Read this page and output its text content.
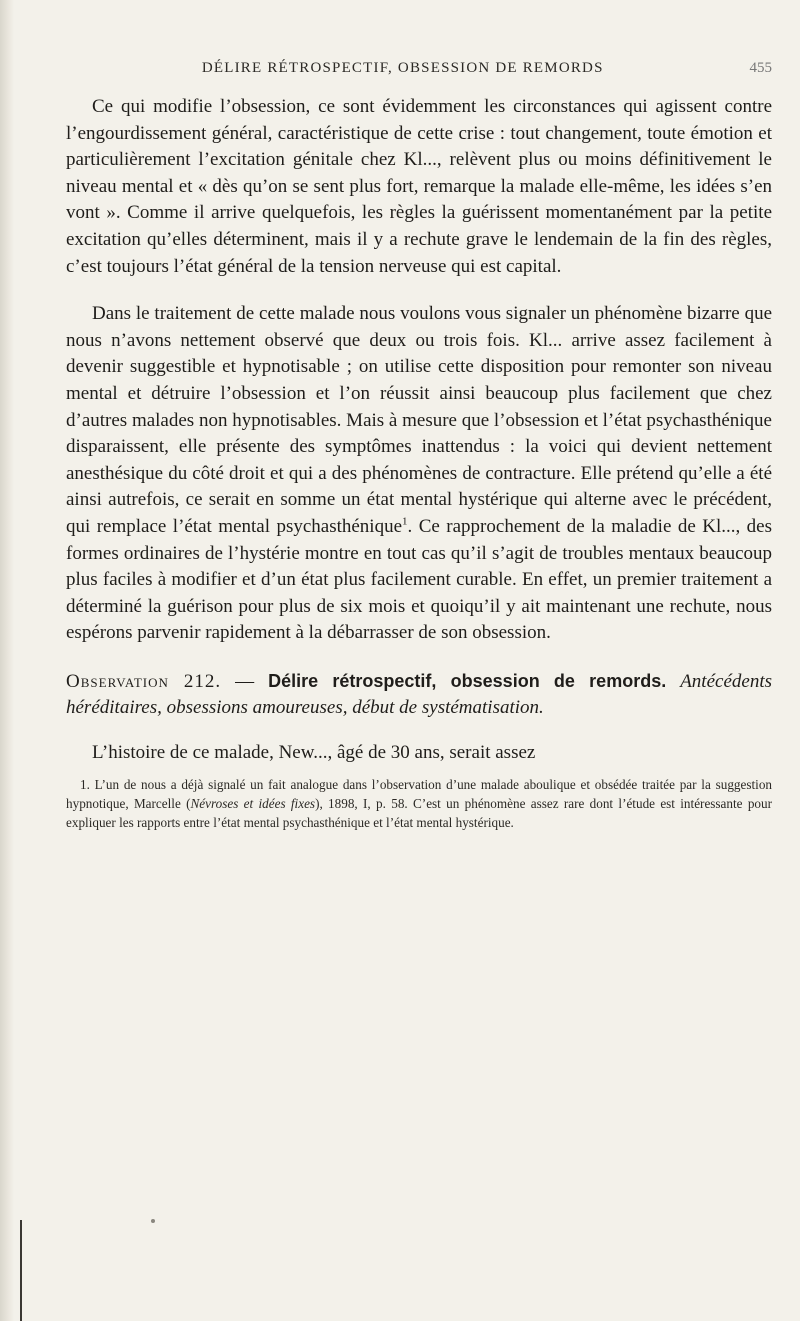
DÉLIRE RÉTROSPECTIF, OBSESSION DE REMORDS	455

Ce qui modifie l’obsession, ce sont évidemment les circonstances qui agissent contre l’engourdissement général, caractéristique de cette crise : tout changement, toute émotion et particulièrement l’excitation génitale chez Kl..., relèvent plus ou moins définitivement le niveau mental et « dès qu’on se sent plus fort, remarque la malade elle-même, les idées s’en vont ». Comme il arrive quelquefois, les règles la guérissent momentanément par la petite excitation qu’elles déterminent, mais il y a rechute grave le lendemain de la fin des règles, c’est toujours l’état général de la tension nerveuse qui est capital.

Dans le traitement de cette malade nous voulons vous signaler un phénomène bizarre que nous n’avons nettement observé que deux ou trois fois. Kl... arrive assez facilement à devenir suggestible et hypnotisable ; on utilise cette disposition pour remonter son niveau mental et détruire l’obsession et l’on réussit ainsi beaucoup plus facilement que chez d’autres malades non hypnotisables. Mais à mesure que l’obsession et l’état psychasthénique disparaissent, elle présente des symptômes inattendus : la voici qui devient nettement anesthésique du côté droit et qui a des phénomènes de contracture. Elle prétend qu’elle a été ainsi autrefois, ce serait en somme un état mental hystérique qui alterne avec le précédent, qui remplace l’état mental psychasthénique$^1$. Ce rapprochement de la maladie de Kl..., des formes ordinaires de l’hystérie montre en tout cas qu’il s’agit de troubles mentaux beaucoup plus faciles à modifier et d’un état plus facilement curable. En effet, un premier traitement a déterminé la guérison pour plus de six mois et quoiqu’il y ait maintenant une rechute, nous espérons parvenir rapidement à la débarrasser de son obsession.

Observation 212. — Délire rétrospectif, obsession de remords. Antécédents héréditaires, obsessions amoureuses, début de systématisation.

L’histoire de ce malade, New..., âgé de 30 ans, serait assez

1. L’un de nous a déjà signalé un fait analogue dans l’observation d’une malade aboulique et obsédée traitée par la suggestion hypnotique, Marcelle (Névroses et idées fixes), 1898, I, p. 58. C’est un phénomène assez rare dont l’étude est intéressante pour expliquer les rapports entre l’état mental psychasthénique et l’état mental hystérique.
